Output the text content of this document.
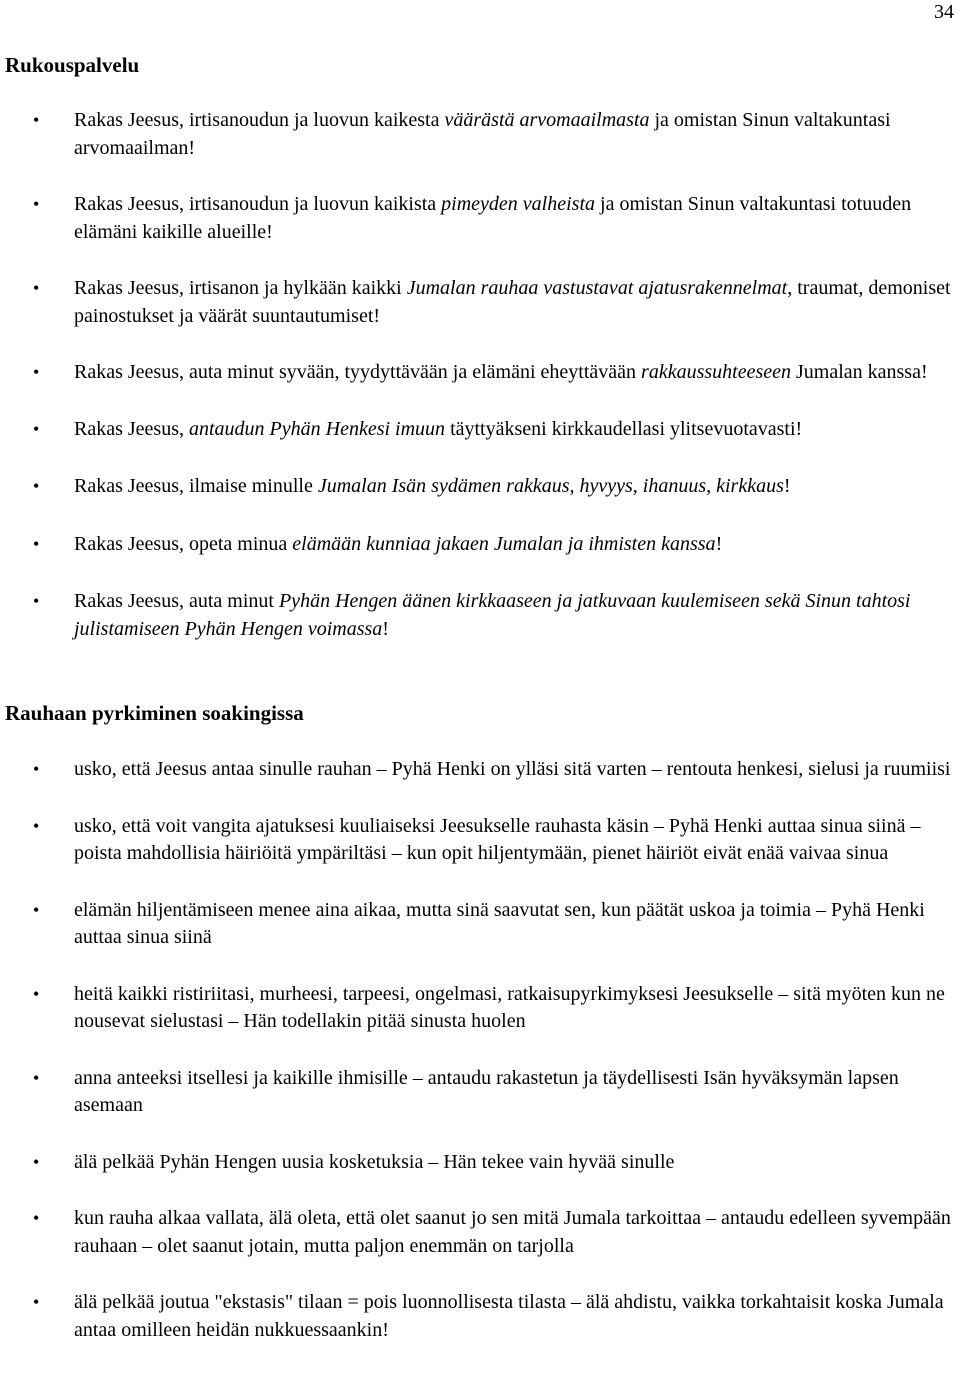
34
Rukouspalvelu
• Rakas Jeesus, irtisanoudun ja luovun kaikesta väärästä arvomaailmasta ja omistan Sinun valtakuntasi arvomaailman!
• Rakas Jeesus, irtisanoudun ja luovun kaikista pimeyden valheista ja omistan Sinun valtakuntasi totuuden elämäni kaikille alueille!
• Rakas Jeesus, irtisanon ja hylkään kaikki Jumalan rauhaa vastustavat ajatusrakennelmat, traumat, demoniset painostukset ja väärät suuntautumiset!
• Rakas Jeesus, auta minut syvään, tyydyttävään ja elämäni eheyttävään rakkaussuhteeseen Jumalan kanssa!
• Rakas Jeesus, antaudun Pyhän Henkesi imuun täyttyäkseni kirkkaudellasi ylitsevuotavasti!
• Rakas Jeesus, ilmaise minulle Jumalan Isän sydämen rakkaus, hyvyys, ihanuus, kirkkaus!
• Rakas Jeesus, opeta minua elämään kunniaa jakaen Jumalan ja ihmisten kanssa!
• Rakas Jeesus, auta minut Pyhän Hengen äänen kirkkaaseen ja jatkuvaan kuulemiseen sekä Sinun tahtosi julistamiseen Pyhän Hengen voimassa!
Rauhaan pyrkiminen soakingissa
• usko, että Jeesus antaa sinulle rauhan – Pyhä Henki on ylläsi sitä varten – rentouta henkesi, sielusi ja ruumiisi
• usko, että voit vangita ajatuksesi kuuliaiseksi Jeesukselle rauhasta käsin – Pyhä Henki auttaa sinua siinä – poista mahdollisia häiriöitä ympäriltäsi – kun opit hiljentymään, pienet häiriöt eivät enää vaivaa sinua
• elämän hiljentämiseen menee aina aikaa, mutta sinä saavutat sen, kun päätät uskoa ja toimia – Pyhä Henki auttaa sinua siinä
• heitä kaikki ristiriitasi, murheesi, tarpeesi, ongelmasi, ratkaisupyrkimyksesi Jeesukselle – sitä myöten kun ne nousevat sielustasi – Hän todellakin pitää sinusta huolen
• anna anteeksi itsellesi ja kaikille ihmisille – antaudu rakastetun ja täydellisesti Isän hyväksymän lapsen asemaan
• älä pelkää Pyhän Hengen uusia kosketuksia – Hän tekee vain hyvää sinulle
• kun rauha alkaa vallata, älä oleta, että olet saanut jo sen mitä Jumala tarkoittaa – antaudu edelleen syvempään rauhaan – olet saanut jotain, mutta paljon enemmän on tarjolla
• älä pelkää joutua "ekstasis" tilaan = pois luonnollisesta tilasta – älä ahdistu, vaikka torkahtaisit koska Jumala antaa omilleen heidän nukkuessaankin!
